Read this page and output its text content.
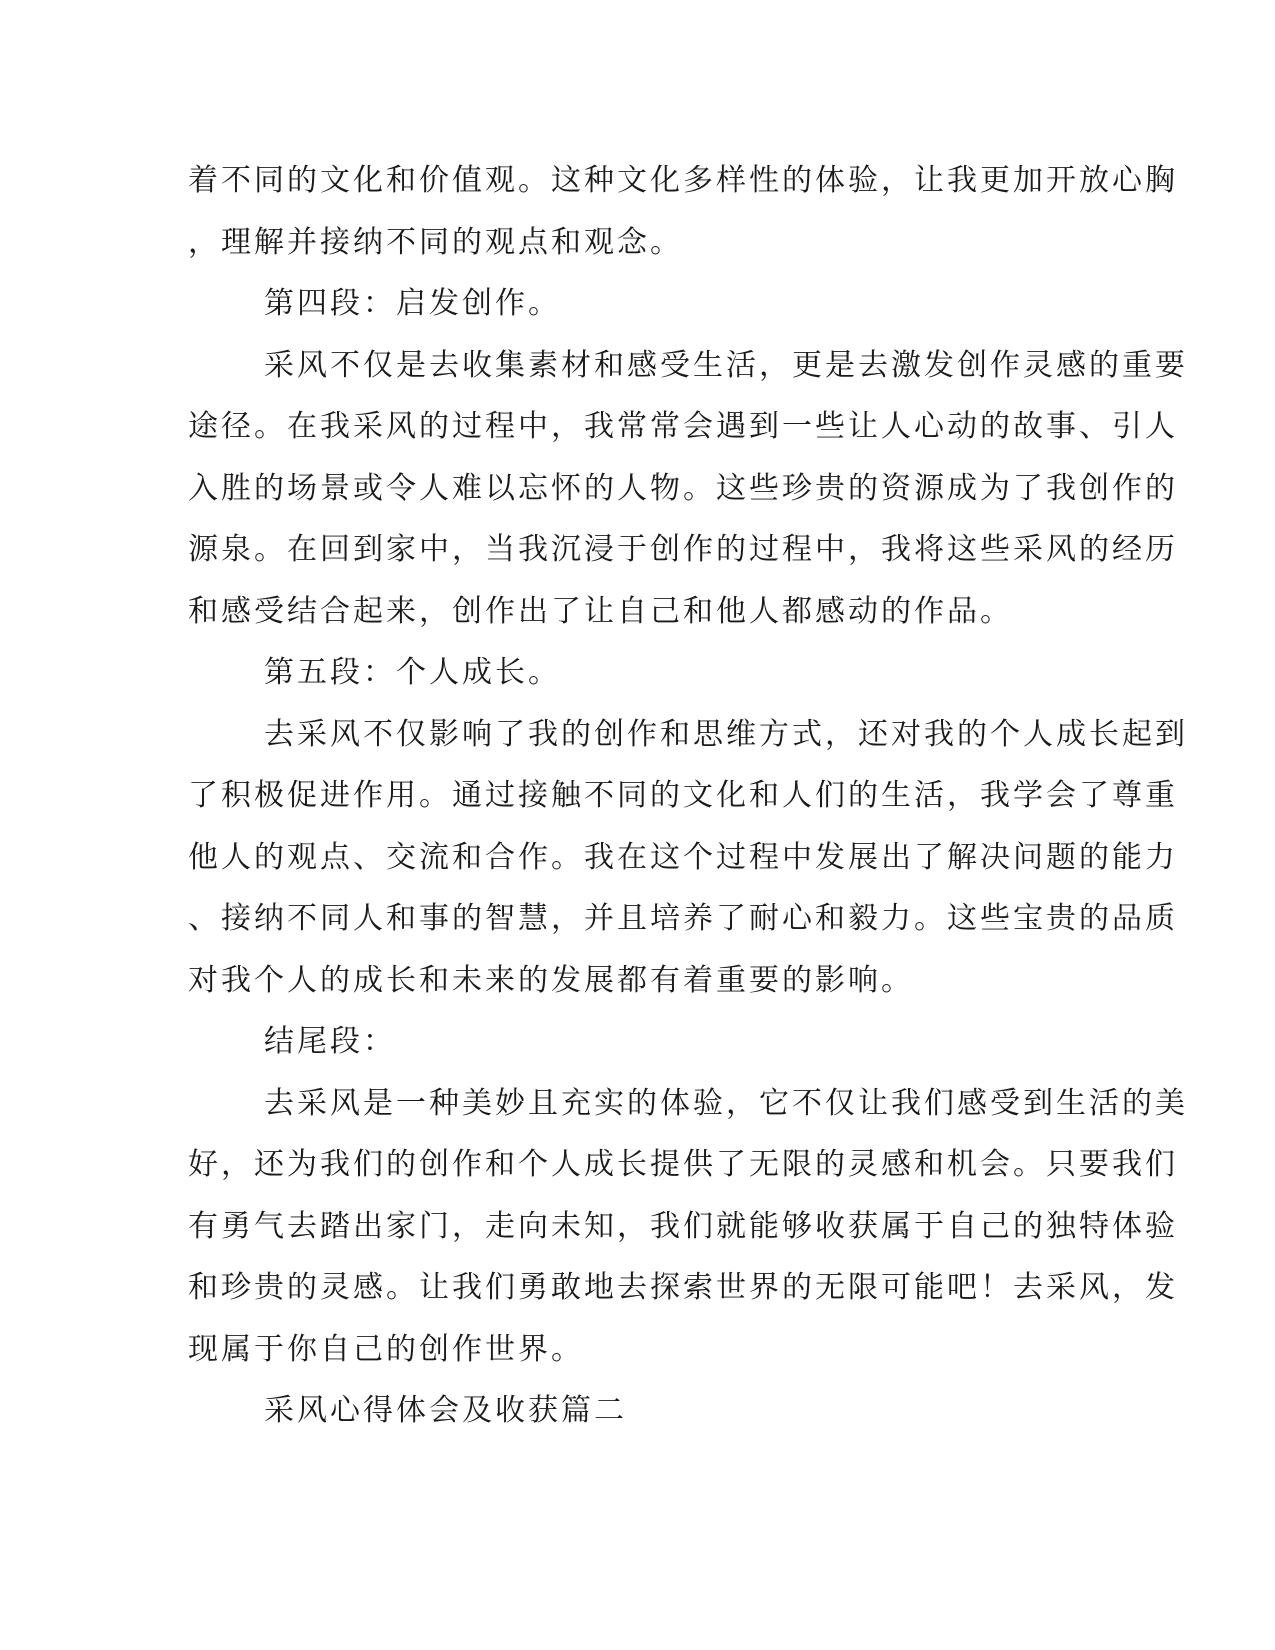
着不同的文化和价值观。这种文化多样性的体验，让我更加开放心胸
，理解并接纳不同的观点和观念。
第四段：启发创作。
采风不仅是去收集素材和感受生活，更是去激发创作灵感的重要
途径。在我采风的过程中，我常常会遇到一些让人心动的故事、引人
入胜的场景或令人难以忘怀的人物。这些珍贵的资源成为了我创作的
源泉。在回到家中，当我沉浸于创作的过程中，我将这些采风的经历
和感受结合起来，创作出了让自己和他人都感动的作品。
第五段：个人成长。
去采风不仅影响了我的创作和思维方式，还对我的个人成长起到
了积极促进作用。通过接触不同的文化和人们的生活，我学会了尊重
他人的观点、交流和合作。我在这个过程中发展出了解决问题的能力
、接纳不同人和事的智慧，并且培养了耐心和毅力。这些宝贵的品质
对我个人的成长和未来的发展都有着重要的影响。
结尾段：
去采风是一种美妙且充实的体验，它不仅让我们感受到生活的美
好，还为我们的创作和个人成长提供了无限的灵感和机会。只要我们
有勇气去踏出家门，走向未知，我们就能够收获属于自己的独特体验
和珍贵的灵感。让我们勇敢地去探索世界的无限可能吧！去采风，发
现属于你自己的创作世界。
采风心得体会及收获篇二
